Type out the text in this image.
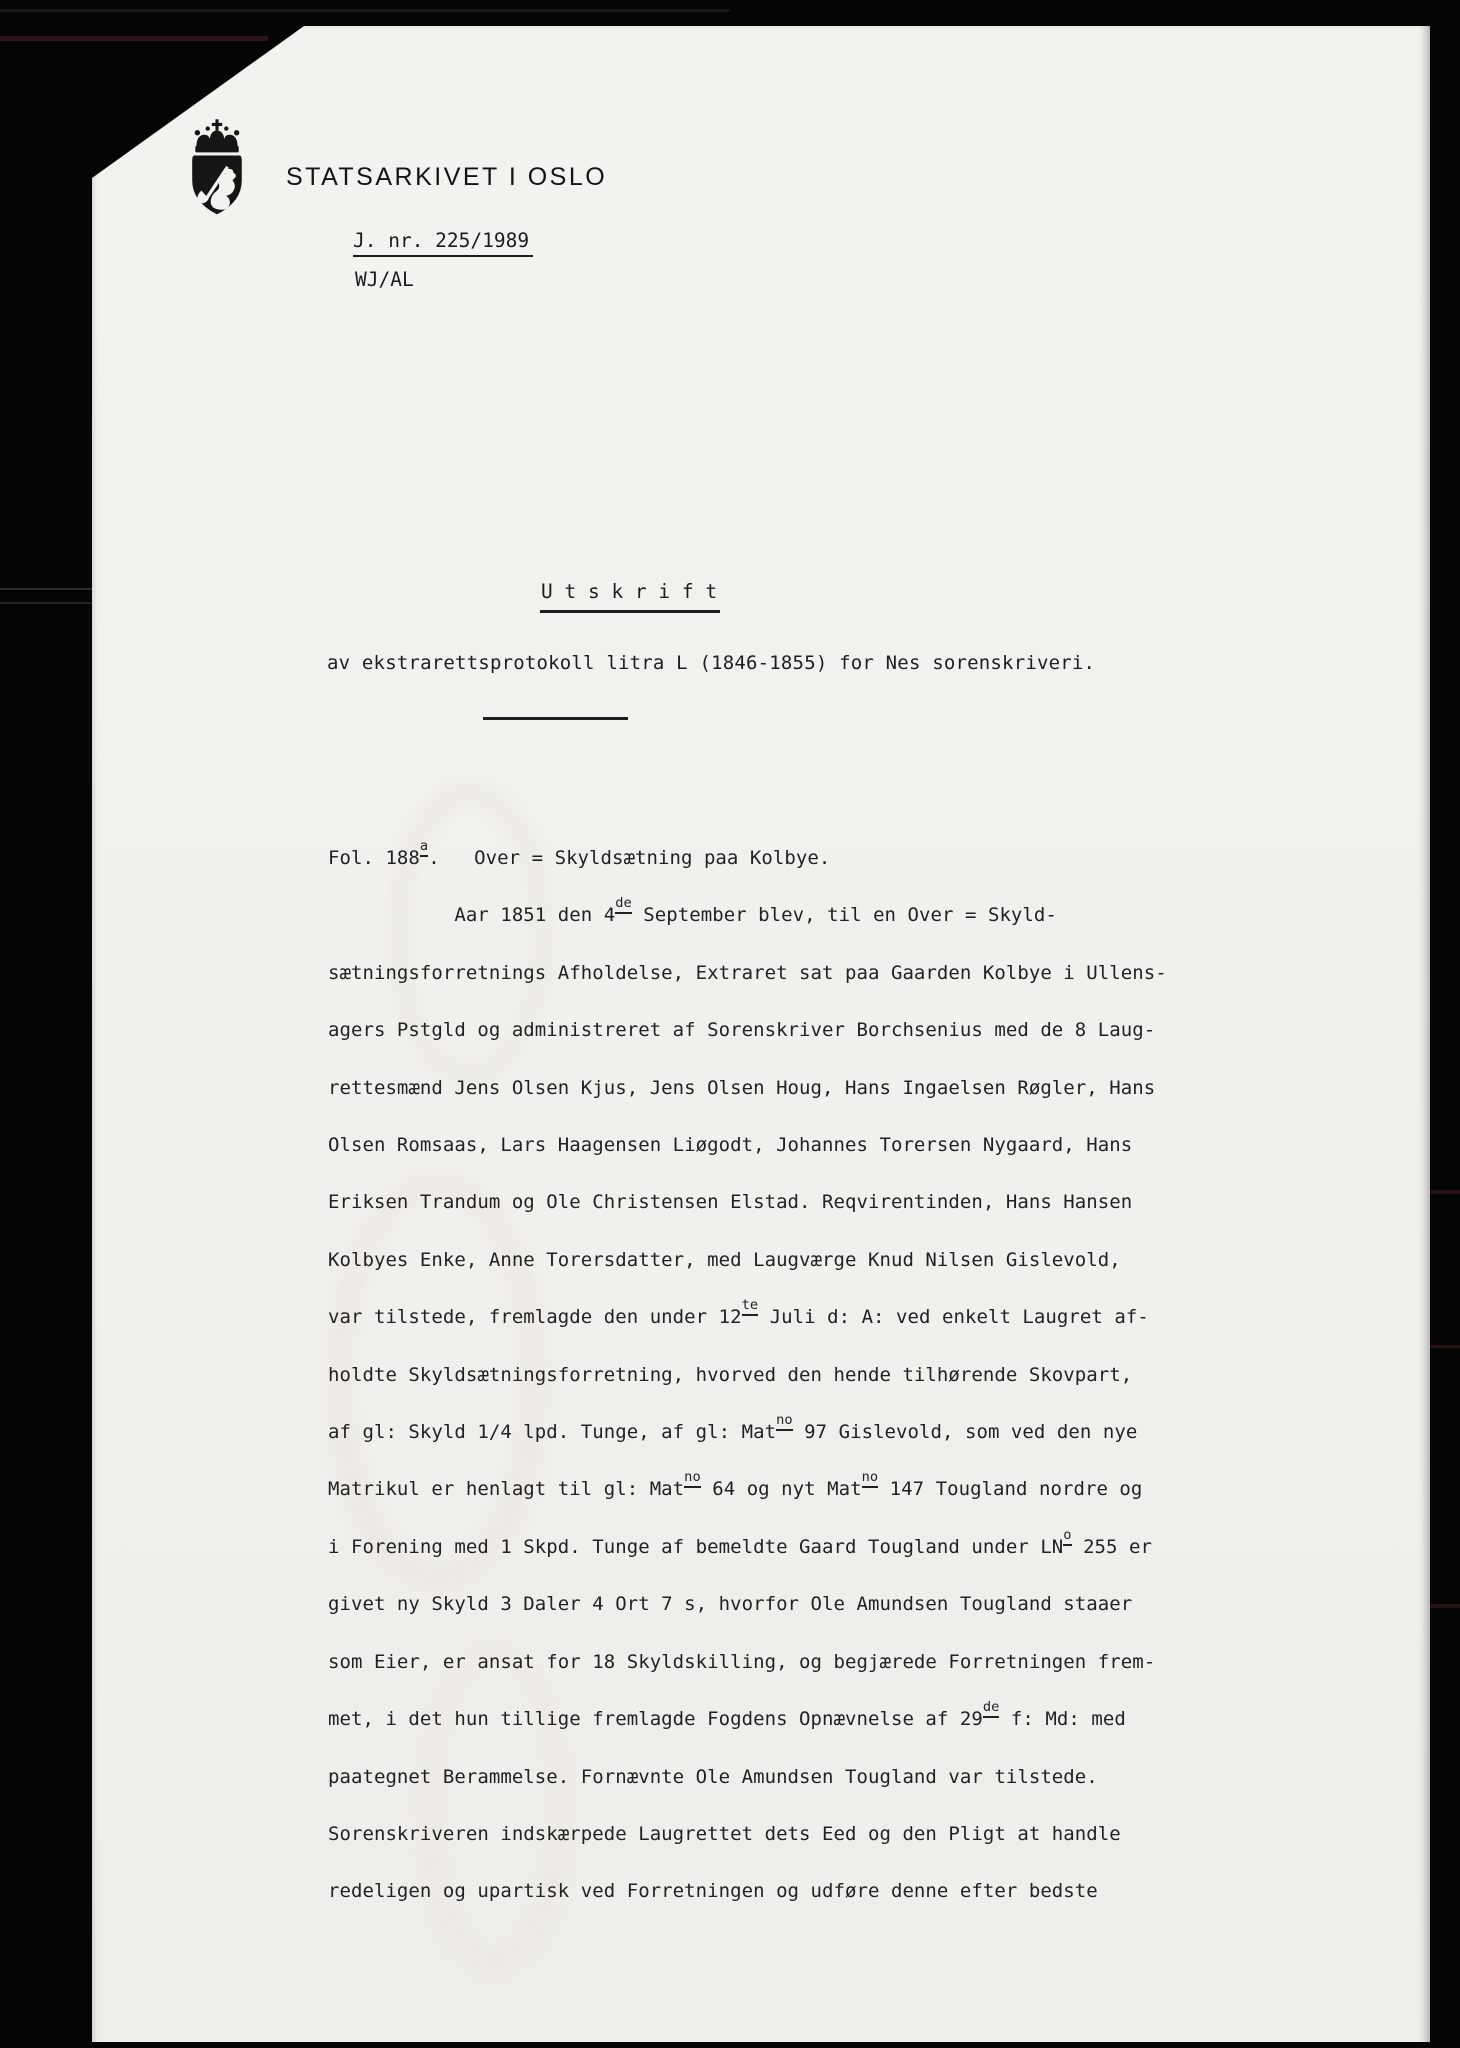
STATSARKIVET I OSLO
J. nr. 225/1989
WJ/AL
U t s k r i f t
av ekstrarettsprotokoll litra L (1846-1855) for Nes sorenskriveri.
Fol. 188$^a$.   Over = Skyldsætning paa Kolbye.
Aar 1851 den 4de September blev, til en Over = Skyld-
sætningsforretnings Afholdelse, Extraret sat paa Gaarden Kolbye i Ullens-
agers Pstgld og administreret af Sorenskriver Borchsenius med de 8 Laug-
rettesmænd Jens Olsen Kjus, Jens Olsen Houg, Hans Ingaelsen Røgler, Hans
Olsen Romsaas, Lars Haagensen Liøgodt, Johannes Torersen Nygaard, Hans
Eriksen Trandum og Ole Christensen Elstad. Reqvirentinden, Hans Hansen
Kolbyes Enke, Anne Torersdatter, med Laugværge Knud Nilsen Gislevold,
var tilstede, fremlagde den under $12^{te}$ Juli d: A: ved enkelt Laugret af-
holdte Skyldsætningsforretning, hvorved den hende tilhørende Skovpart,
af gl: Skyld 1/4 lpd. Tunge, af gl: Mat$^{no}$ 97 Gislevold, som ved den nye
Matrikul er henlagt til gl: Mat$^{no}$ 64 og nyt Mat$^{no}$ 147 Tougland nordre og
i Forening med 1 Skpd. Tunge af bemeldte Gaard Tougland under $LN^o$ 255 er
givet ny Skyld 3 Daler 4 Ort 7 s, hvorfor Ole Amundsen Tougland staaer
som Eier, er ansat for 18 Skyldskilling, og begjærede Forretningen frem-
met, i det hun tillige fremlagde Fogdens Opnævnelse af 29de f: Md: med
paategnet Berammelse. Fornævnte Ole Amundsen Tougland var tilstede.
Sorenskriveren indskærpede Laugrettet dets Eed og den Pligt at handle
redeligen og upartisk ved Forretningen og udføre denne efter bedste
